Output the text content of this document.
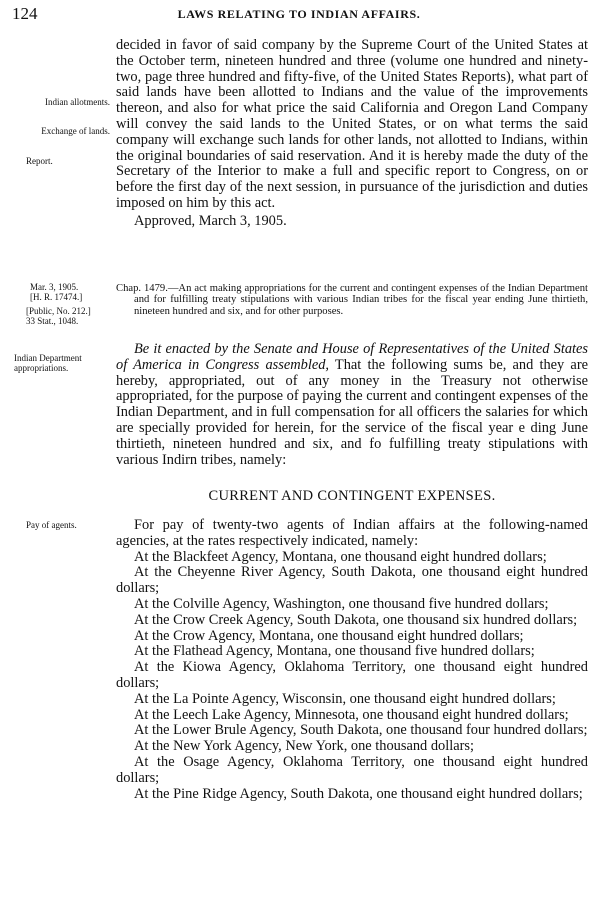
124	LAWS RELATING TO INDIAN AFFAIRS.
Indian allotments.
Exchange of lands.
Report.

decided in favor of said company by the Supreme Court of the United States at the October term, nineteen hundred and three (volume one hundred and ninety-two, page three hundred and fifty-five, of the United States Reports), what part of said lands have been allotted to Indians and the value of the improvements thereon, and also for what price the said California and Oregon Land Company will convey the said lands to the United States, or on what terms the said company will exchange such lands for other lands, not allotted to Indians, within the original boundaries of said reservation. And it is hereby made the duty of the Secretary of the Interior to make a full and specific report to Congress, on or before the first day of the next session, in pursuance of the jurisdiction and duties imposed on him by this act.

Approved, March 3, 1905.

Mar. 3, 1905.
[H. R. 17474.]
[Public, No. 212.]
33 Stat., 1048.
Chap. 1479.—An act making appropriations for the current and contingent expenses of the Indian Department and for fulfilling treaty stipulations with various Indian tribes for the fiscal year ending June thirtieth, nineteen hundred and six, and for other purposes.
Indian Department appropriations.

Be it enacted by the Senate and House of Representatives of the United States of America in Congress assembled, That the following sums be, and they are hereby, appropriated, out of any money in the Treasury not otherwise appropriated, for the purpose of paying the current and contingent expenses of the Indian Department, and in full compensation for all officers the salaries for which are specially provided for herein, for the service of the fiscal year e ding June thirtieth, nineteen hundred and six, and fo fulfilling treaty stipulations with various Indirn tribes, namely:

CURRENT AND CONTINGENT EXPENSES.
Pay of agents.	For pay of twenty-two agents of Indian affairs at the following-named agencies, at the rates respectively indicated, namely:

At the Blackfeet Agency, Montana, one thousand eight hundred dollars;

At the Cheyenne River Agency, South Dakota, one thousand eight hundred dollars;

At the Colville Agency, Washington, one thousand five hundred dollars;

At the Crow Creek Agency, South Dakota, one thousand six hundred dollars;

At the Crow Agency, Montana, one thousand eight hundred dollars;

At the Flathead Agency, Montana, one thousand five hundred dollars;

At the Kiowa Agency, Oklahoma Territory, one thousand eight hundred dollars;

At the La Pointe Agency, Wisconsin, one thousand eight hundred dollars;

At the Leech Lake Agency, Minnesota, one thousand eight hundred dollars;

At the Lower Brule Agency, South Dakota, one thousand four hundred dollars;

At the New York Agency, New York, one thousand dollars;

At the Osage Agency, Oklahoma Territory, one thousand eight hundred dollars;

At the Pine Ridge Agency, South Dakota, one thousand eight hundred dollars;
